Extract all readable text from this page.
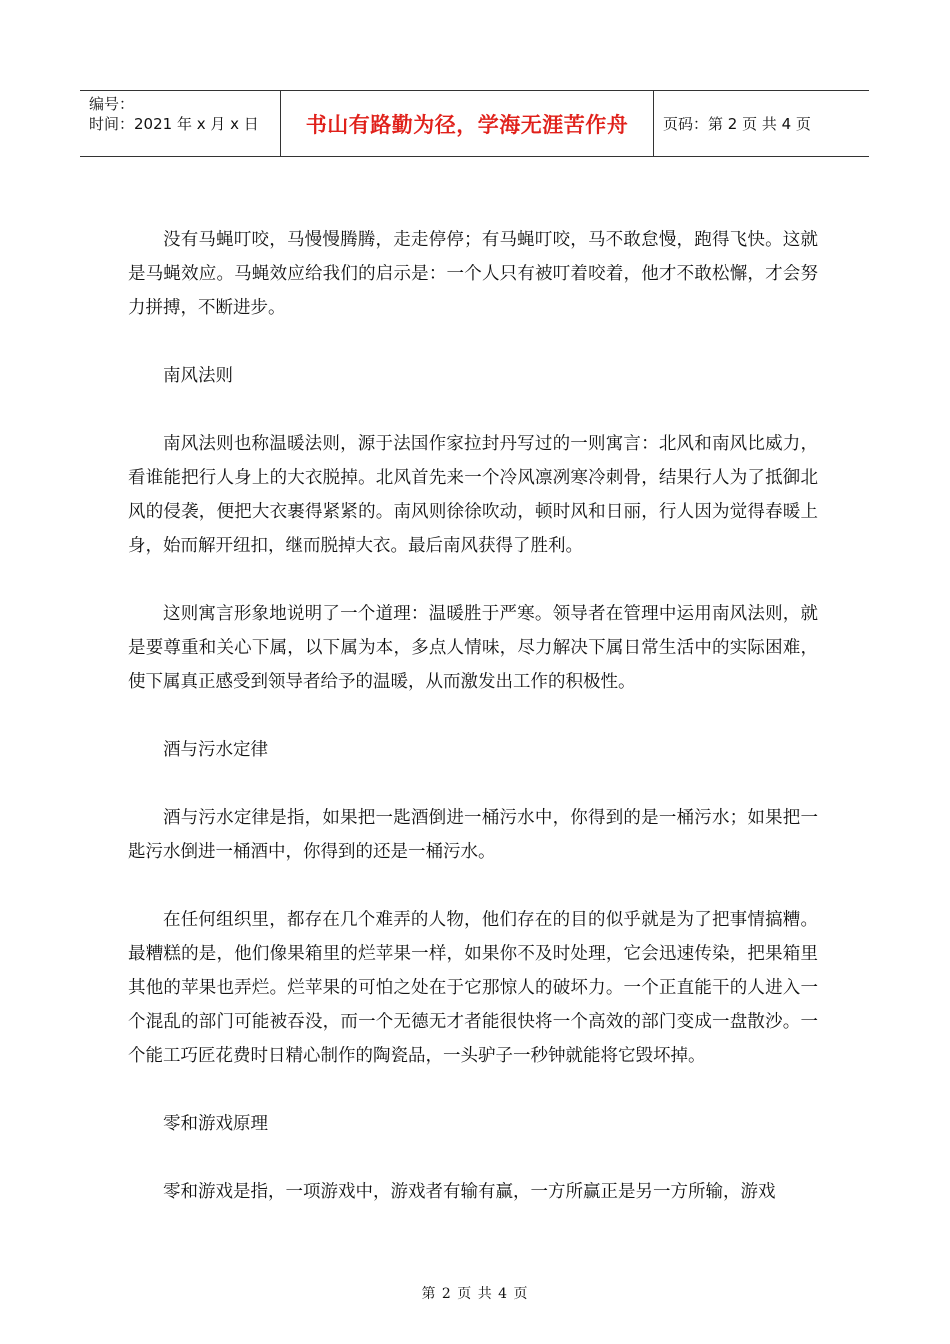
编号：
时间：2021 年 x 月 x 日	书山有路勤为径，学海无涯苦作舟 页码：第 2 页 共 4 页

没有马蝇叮咬，马慢慢腾腾，走走停停；有马蝇叮咬，马不敢怠慢，跑得飞快。这就是马蝇效应。马蝇效应给我们的启示是：一个人只有被叮着咬着，他才不敢松懈，才会努力拼搏，不断进步。

南风法则

南风法则也称温暖法则，源于法国作家拉封丹写过的一则寓言：北风和南风比威力，看谁能把行人身上的大衣脱掉。北风首先来一个冷风凛冽寒冷刺骨，结果行人为了抵御北风的侵袭，便把大衣裹得紧紧的。南风则徐徐吹动，顿时风和日丽，行人因为觉得春暖上身，始而解开纽扣，继而脱掉大衣。最后南风获得了胜利。

这则寓言形象地说明了一个道理：温暖胜于严寒。领导者在管理中运用南风法则，就是要尊重和关心下属，以下属为本，多点人情味，尽力解决下属日常生活中的实际困难，使下属真正感受到领导者给予的温暖，从而激发出工作的积极性。

酒与污水定律

酒与污水定律是指，如果把一匙酒倒进一桶污水中，你得到的是一桶污水；如果把一匙污水倒进一桶酒中，你得到的还是一桶污水。

在任何组织里，都存在几个难弄的人物，他们存在的目的似乎就是为了把事情搞糟。最糟糕的是，他们像果箱里的烂苹果一样，如果你不及时处理，它会迅速传染，把果箱里其他的苹果也弄烂。烂苹果的可怕之处在于它那惊人的破坏力。一个正直能干的人进入一个混乱的部门可能被吞没，而一个无德无才者能很快将一个高效的部门变成一盘散沙。一个能工巧匠花费时日精心制作的陶瓷品，一头驴子一秒钟就能将它毁坏掉。

零和游戏原理

零和游戏是指，一项游戏中，游戏者有输有赢，一方所赢正是另一方所输，游戏

第 2 页 共 4 页
